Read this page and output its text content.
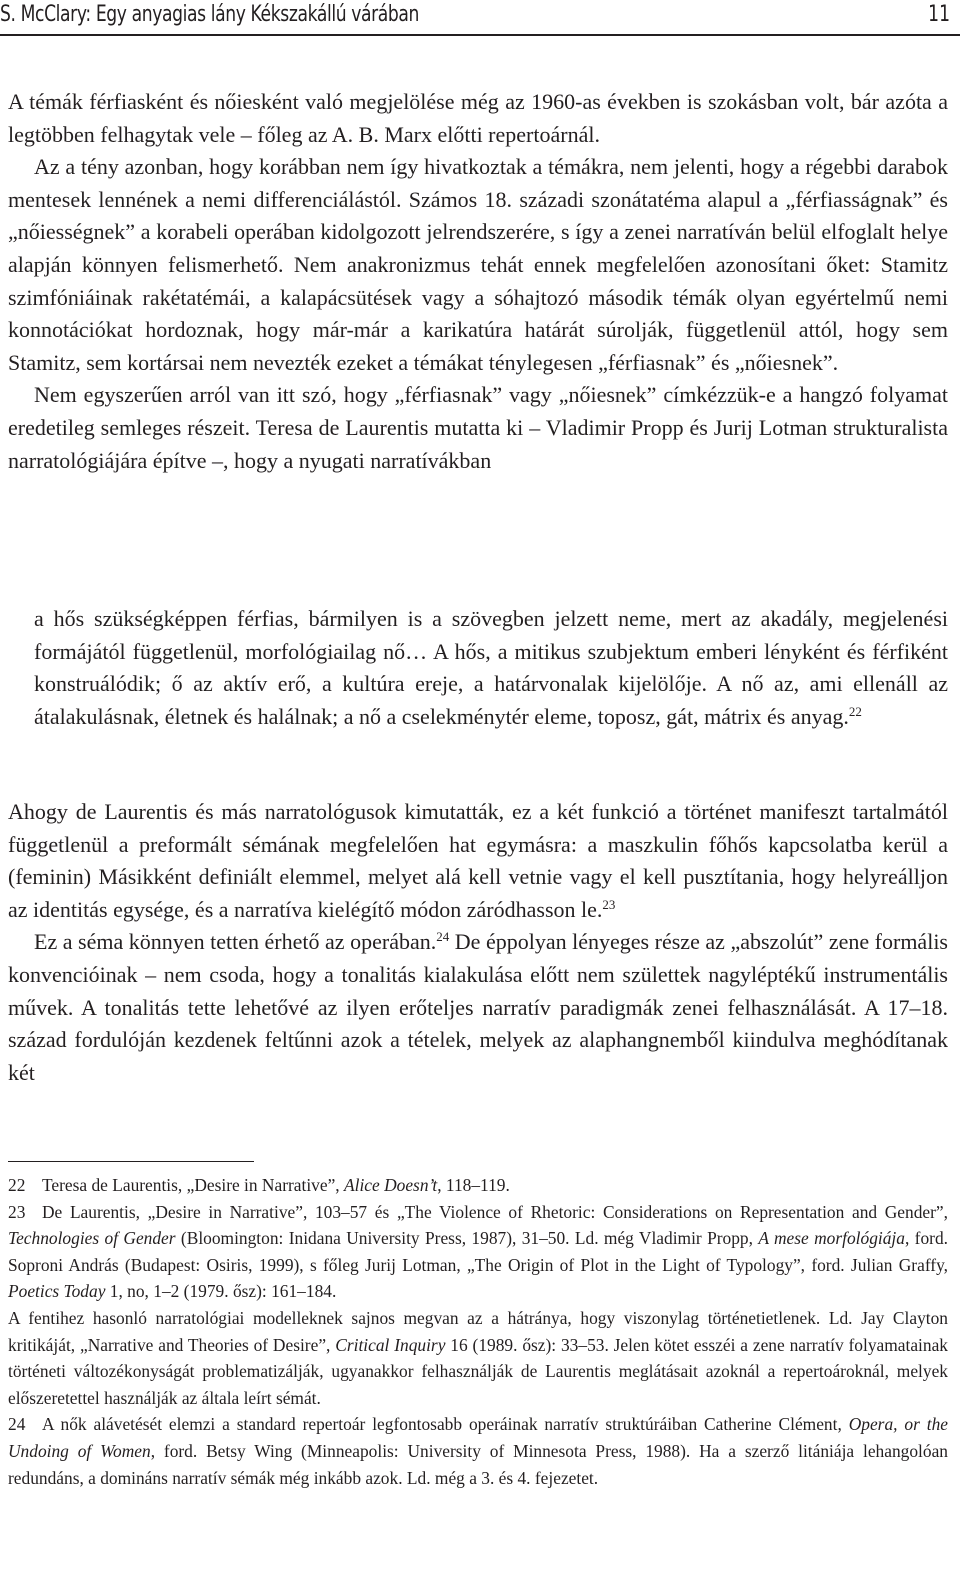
S. McClary: Egy anyagias lány Kékszakállú várában	11

A témák férfiasként és nőiesként való megjelölése még az 1960-as években is szokásban volt, bár azóta a legtöbben felhagytak vele – főleg az A. B. Marx előtti repertoárnál.

Az a tény azonban, hogy korábban nem így hivatkoztak a témákra, nem jelenti, hogy a régebbi darabok mentesek lennének a nemi differenciálástól. Számos 18. századi szonátatéma alapul a „férfiasságnak” és „nőiességnek” a korabeli operában kidolgozott jelrendszerére, s így a zenei narratíván belül elfoglalt helye alapján könnyen felismerhető. Nem anakronizmus tehát ennek megfelelően azonosítani őket: Stamitz szimfóniáinak rakétatémái, a kalapácsütések vagy a sóhajtozó második témák olyan egyértelmű nemi konnotációkat hordoznak, hogy már-már a karikatúra határát súrolják, függetlenül attól, hogy sem Stamitz, sem kortársai nem nevezték ezeket a témákat ténylegesen „férfiasnak” és „nőiesnek”.

Nem egyszerűen arról van itt szó, hogy „férfiasnak” vagy „nőiesnek” címkézzük-e a hangzó folyamat eredetileg semleges részeit. Teresa de Laurentis mutatta ki – Vladimir Propp és Jurij Lotman strukturalista narratológiájára építve –, hogy a nyugati narratívákban

a hős szükségképpen férfias, bármilyen is a szövegben jelzett neme, mert az akadály, megjelenési formájától függetlenül, morfológiailag nő… A hős, a mitikus szubjektum emberi lényként és férfiként konstruálódik; ő az aktív erő, a kultúra ereje, a határvonalak kijelölője. A nő az, ami ellenáll az átalakulásnak, életnek és halálnak; a nő a cselekménytér eleme, toposz, gát, mátrix és anyag.$^{22}$

Ahogy de Laurentis és más narratológusok kimutatták, ez a két funkció a történet manifeszt tartalmától függetlenül a preformált sémának megfelelően hat egymásra: a maszkulin főhős kapcsolatba kerül a (feminin) Másikként definiált elemmel, melyet alá kell vetnie vagy el kell pusztítania, hogy helyreálljon az identitás egysége, és a narratíva kielégítő módon záródhasson le.$^{23}$

Ez a séma könnyen tetten érhető az operában.$^{24}$ De éppolyan lényeges része az „abszolút” zene formális konvencióinak – nem csoda, hogy a tonalitás kialakulása előtt nem születtek nagyléptékű instrumentális művek. A tonalitás tette lehetővé az ilyen erőteljes narratív paradigmák zenei felhasználását. A 17–18. század fordulóján kezdenek feltűnni azok a tételek, melyek az alaphangnemből kiindulva meghódítanak két

22 Teresa de Laurentis, „Desire in Narrative”, Alice Doesn’t, 118–119.

23 De Laurentis, „Desire in Narrative”, 103–57 és „The Violence of Rhetoric: Considerations on Representation and Gender”, Technologies of Gender (Bloomington: Inidana University Press, 1987), 31–50. Ld. még Vladimir Propp, A mese morfológiája, ford. Soproni András (Budapest: Osiris, 1999), s főleg Jurij Lotman, „The Origin of Plot in the Light of Typology”, ford. Julian Graffy, Poetics Today 1, no, 1–2 (1979. ősz): 161–184.

A fentihez hasonló narratológiai modelleknek sajnos megvan az a hátránya, hogy viszonylag történetietlenek. Ld. Jay Clayton kritikáját, „Narrative and Theories of Desire”, Critical Inquiry 16 (1989. ősz): 33–53. Jelen kötet esszéi a zene narratív folyamatainak történeti változékonyságát problematizálják, ugyanakkor felhasználják de Laurentis meglátásait azoknál a repertoároknál, melyek előszeretettel használják az általa leírt sémát.

24 A nők alávetését elemzi a standard repertoár legfontosabb operáinak narratív struktúráiban Catherine Clément, Opera, or the Undoing of Women, ford. Betsy Wing (Minneapolis: University of Minnesota Press, 1988). Ha a szerző litániája lehangolóan redundáns, a domináns narratív sémák még inkább azok. Ld. még a 3. és 4. fejezetet.
